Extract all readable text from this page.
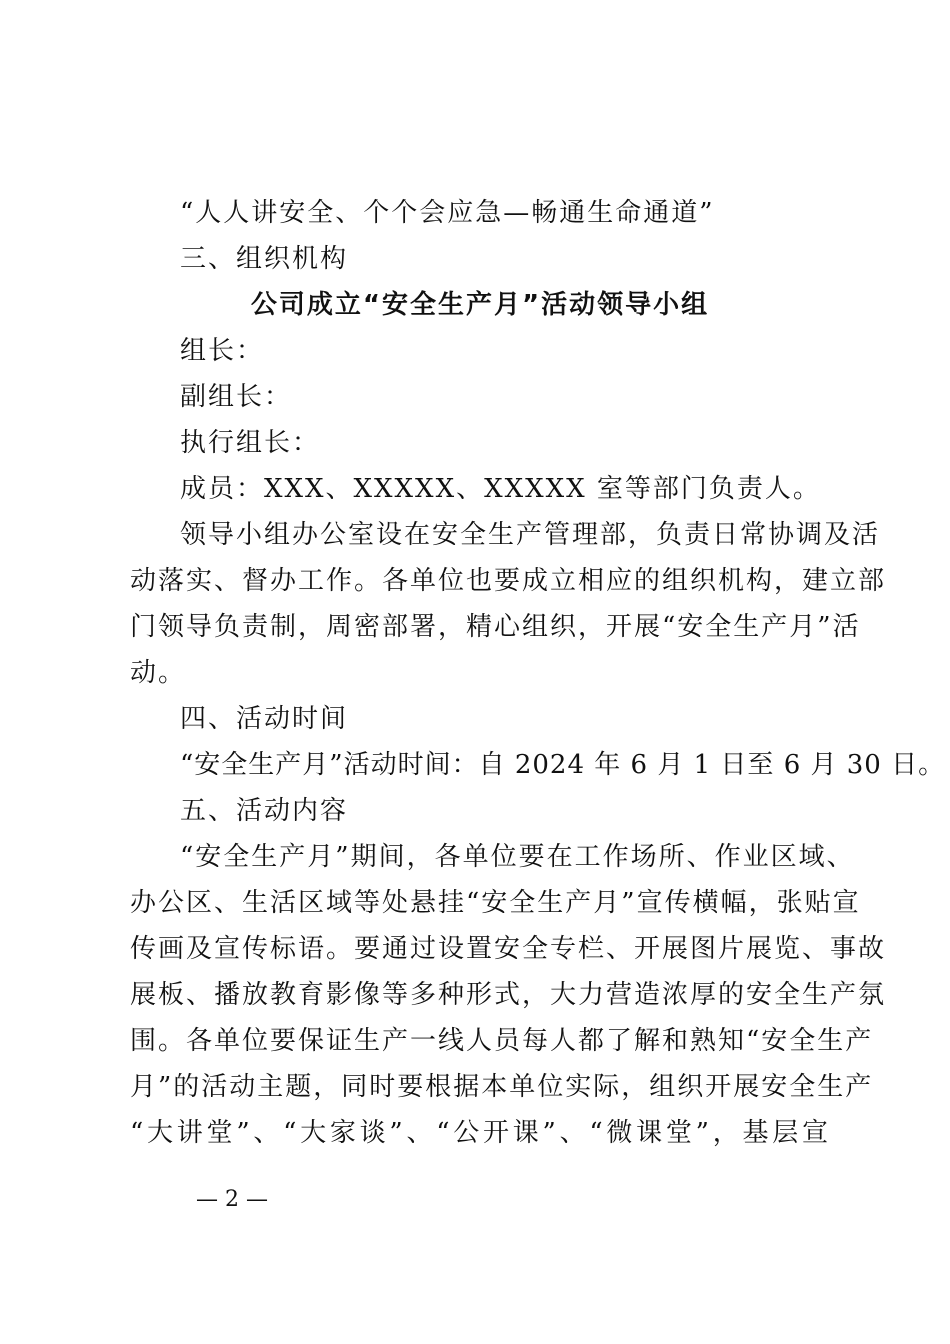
“人人讲安全、个个会应急—畅通生命通道”
三、组织机构
公司成立“安全生产月”活动领导小组
组长：
副组长：
执行组长：
成员：XXX、XXXXX、XXXXX 室等部门负责人。
领导小组办公室设在安全生产管理部，负责日常协调及活
动落实、督办工作。各单位也要成立相应的组织机构，建立部
门领导负责制，周密部署，精心组织，开展“安全生产月”活
动。
四、活动时间
“安全生产月”活动时间：自 2024 年 6 月 1 日至 6 月 30 日。
五、活动内容
“安全生产月”期间，各单位要在工作场所、作业区域、
办公区、生活区域等处悬挂“安全生产月”宣传横幅，张贴宣
传画及宣传标语。要通过设置安全专栏、开展图片展览、事故
展板、播放教育影像等多种形式，大力营造浓厚的安全生产氛
围。各单位要保证生产一线人员每人都了解和熟知“安全生产
月”的活动主题，同时要根据本单位实际，组织开展安全生产
“大讲堂”、“大家谈”、“公开课”、“微课堂”，基层宣
— 2 —
